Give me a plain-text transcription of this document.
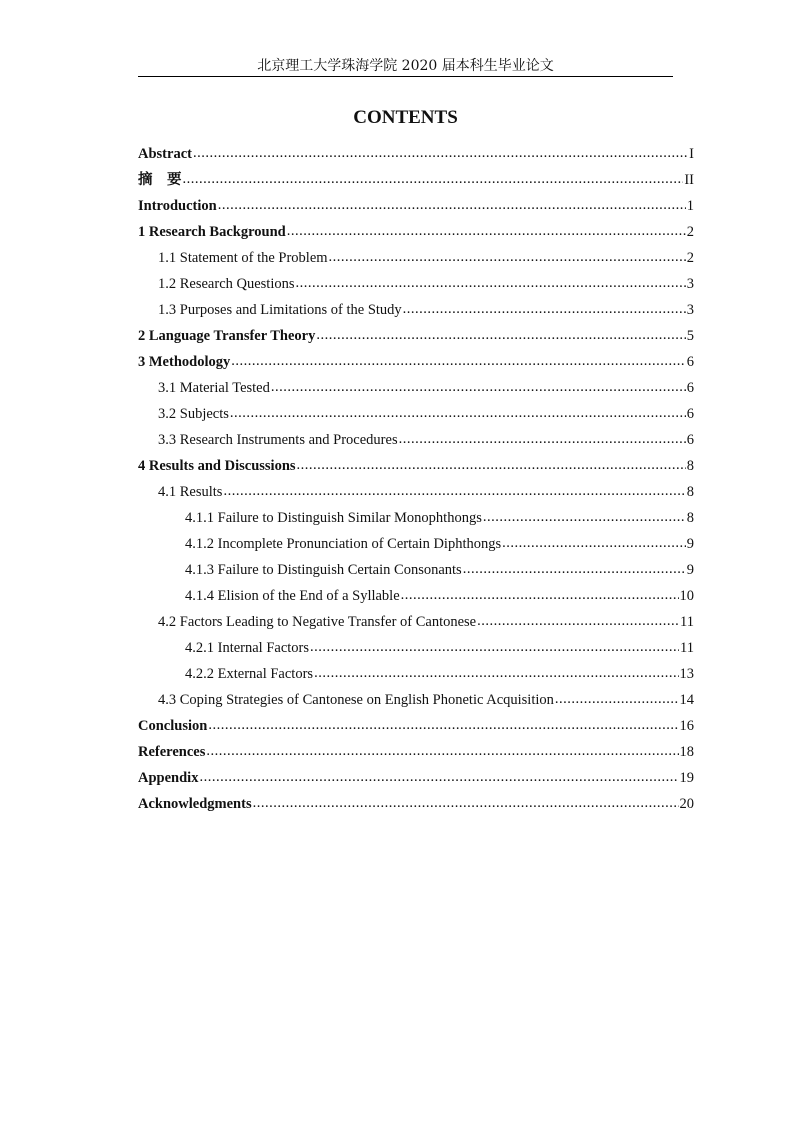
北京理工大学珠海学院 2020 届本科生毕业论文
CONTENTS
Abstract .....	I
摘　要 .....	II
Introduction .....	1
1 Research Background .....	2
1.1 Statement of the Problem .....	2
1.2 Research Questions .....	3
1.3 Purposes and Limitations of the Study .....	3
2 Language Transfer Theory .....	5
3 Methodology .....	6
3.1 Material Tested .....	6
3.2 Subjects .....	6
3.3 Research Instruments and Procedures .....	6
4 Results and Discussions .....	8
4.1 Results .....	8
4.1.1 Failure to Distinguish Similar Monophthongs .....	8
4.1.2 Incomplete Pronunciation of Certain Diphthongs .....	9
4.1.3 Failure to Distinguish Certain Consonants .....	9
4.1.4 Elision of the End of a Syllable .....	10
4.2 Factors Leading to Negative Transfer of Cantonese .....	11
4.2.1 Internal Factors .....	11
4.2.2 External Factors .....	13
4.3 Coping Strategies of Cantonese on English Phonetic Acquisition .....	14
Conclusion .....	16
References .....	18
Appendix .....	19
Acknowledgments .....	20
